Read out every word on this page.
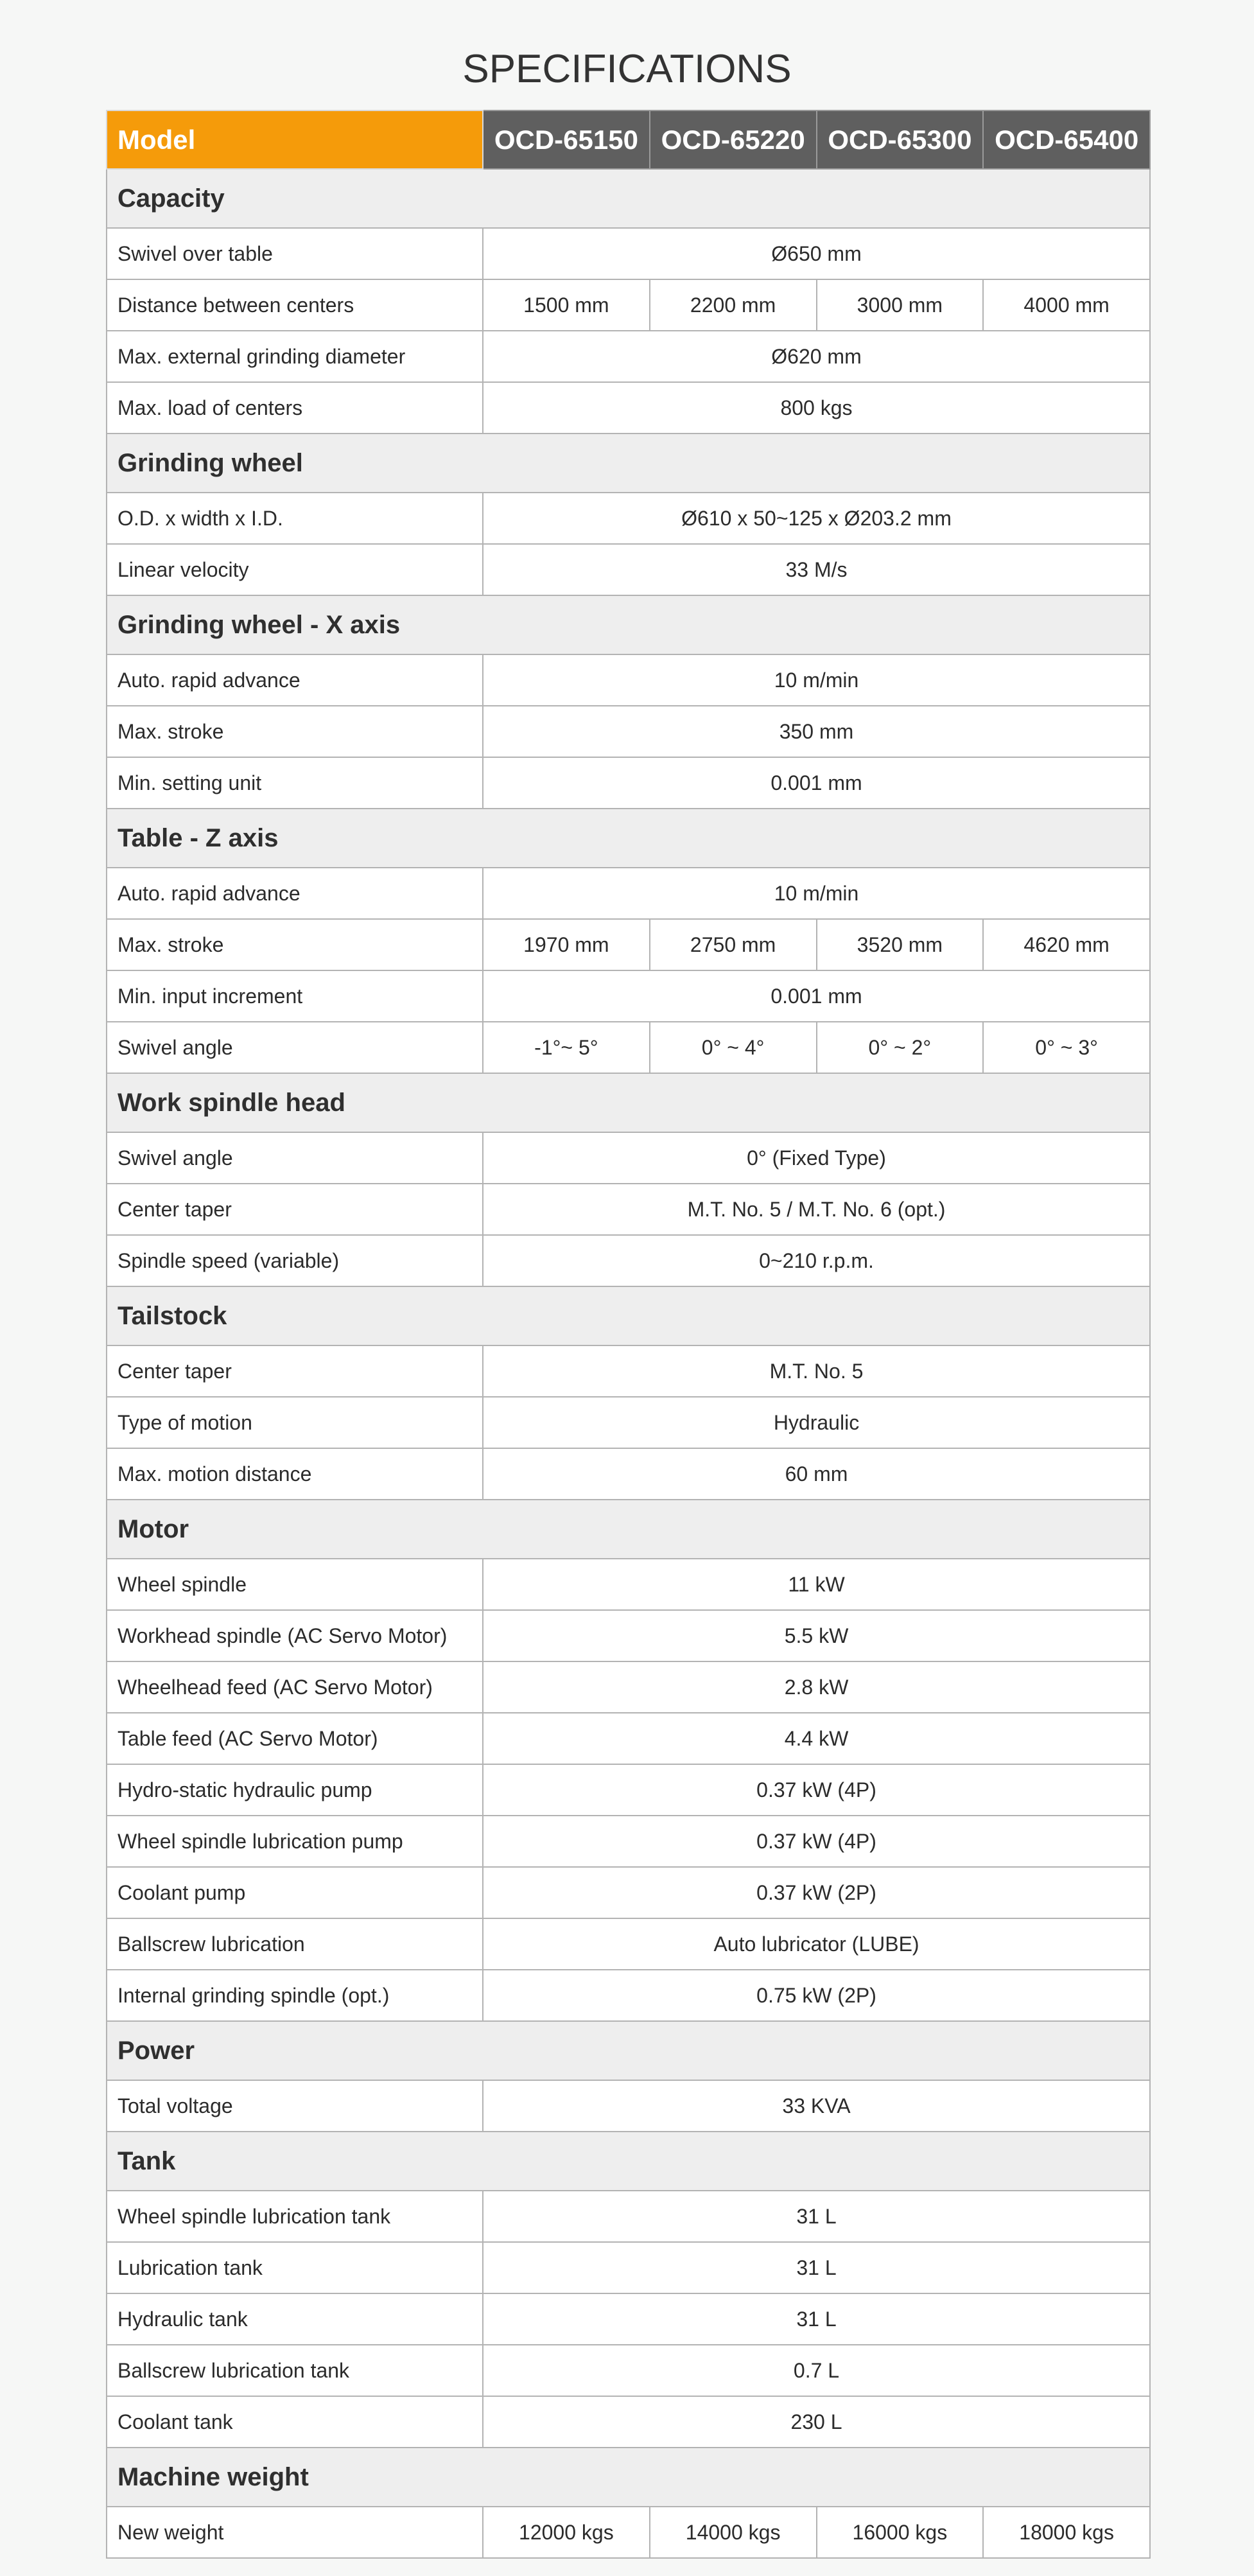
SPECIFICATIONS
Model	OCD-65150	OCD-65220	OCD-65300	OCD-65400
Capacity				
Swivel over table	Ø650 mm			
Distance between centers	1500 mm	2200 mm	3000 mm	4000 mm
Max. external grinding diameter	Ø620 mm			
Max. load of centers	800 kgs			
Grinding wheel				
O.D. x width x I.D.	Ø610 x 50~125 x Ø203.2 mm			
Linear velocity	33 M/s			
Grinding wheel - X axis				
Auto. rapid advance	10 m/min			
Max. stroke	350 mm			
Min. setting unit	0.001 mm			
Table - Z axis				
Auto. rapid advance	10 m/min			
Max. stroke	1970 mm	2750 mm	3520 mm	4620 mm
Min. input increment	0.001 mm			
Swivel angle	-1°~ 5°	0° ~ 4°	0° ~ 2°	0° ~ 3°
Work spindle head				
Swivel angle	0° (Fixed Type)			
Center taper	M.T. No. 5 / M.T. No. 6 (opt.)			
Spindle speed (variable)	0~210 r.p.m.			
Tailstock				
Center taper	M.T. No. 5			
Type of motion	Hydraulic			
Max. motion distance	60 mm			
Motor				
Wheel spindle	11 kW			
Workhead spindle (AC Servo Motor)	5.5 kW			
Wheelhead feed (AC Servo Motor)	2.8 kW			
Table feed (AC Servo Motor)	4.4 kW			
Hydro-static hydraulic pump	0.37 kW (4P)			
Wheel spindle lubrication pump	0.37 kW (4P)			
Coolant pump	0.37 kW (2P)			
Ballscrew lubrication	Auto lubricator (LUBE)			
Internal grinding spindle (opt.)	0.75 kW (2P)			
Power				
Total voltage	33 KVA			
Tank				
Wheel spindle lubrication tank	31 L			
Lubrication tank	31 L			
Hydraulic tank	31 L			
Ballscrew lubrication tank	0.7 L			
Coolant tank	230 L			
Machine weight				
New weight	12000 kgs	14000 kgs	16000 kgs	18000 kgs
